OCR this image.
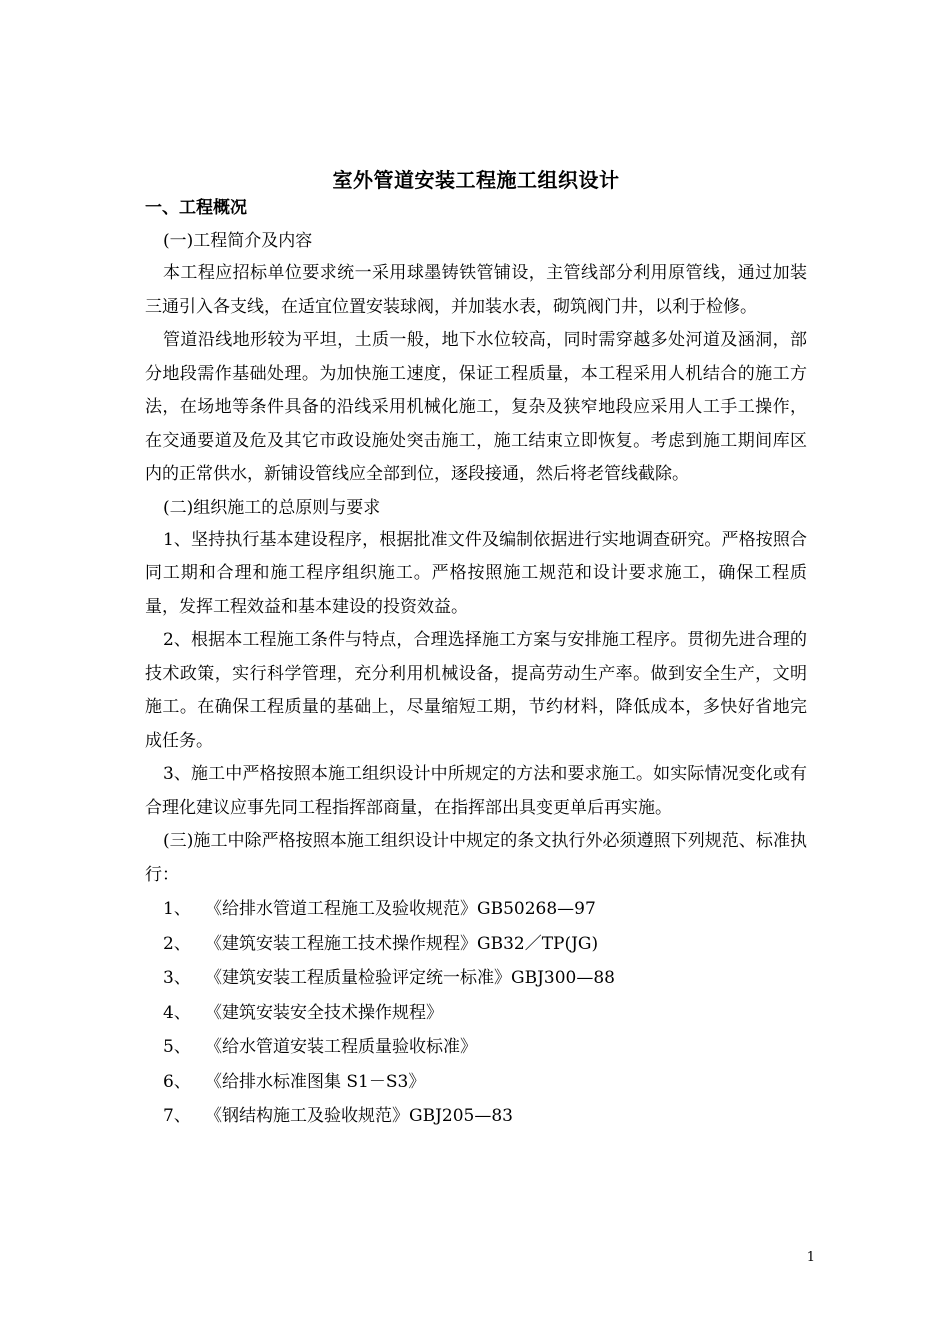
室外管道安装工程施工组织设计
一、工程概况

(一)工程简介及内容

本工程应招标单位要求统一采用球墨铸铁管铺设，主管线部分利用原管线，通过加装三通引入各支线，在适宜位置安装球阀，并加装水表，砌筑阀门井，以利于检修。

管道沿线地形较为平坦，土质一般，地下水位较高，同时需穿越多处河道及涵洞，部分地段需作基础处理。为加快施工速度，保证工程质量，本工程采用人机结合的施工方法，在场地等条件具备的沿线采用机械化施工，复杂及狭窄地段应采用人工手工操作，在交通要道及危及其它市政设施处突击施工，施工结束立即恢复。考虑到施工期间库区内的正常供水，新铺设管线应全部到位，逐段接通，然后将老管线截除。

(二)组织施工的总原则与要求

1、坚持执行基本建设程序，根据批准文件及编制依据进行实地调查研究。严格按照合同工期和合理和施工程序组织施工。严格按照施工规范和设计要求施工，确保工程质量，发挥工程效益和基本建设的投资效益。

2、根据本工程施工条件与特点，合理选择施工方案与安排施工程序。贯彻先进合理的技术政策，实行科学管理，充分利用机械设备，提高劳动生产率。做到安全生产，文明施工。在确保工程质量的基础上，尽量缩短工期，节约材料，降低成本，多快好省地完成任务。

3、施工中严格按照本施工组织设计中所规定的方法和要求施工。如实际情况变化或有合理化建议应事先同工程指挥部商量，在指挥部出具变更单后再实施。

(三)施工中除严格按照本施工组织设计中规定的条文执行外必须遵照下列规范、标准执行：

1、 《给排水管道工程施工及验收规范》GB50268—97
2、 《建筑安装工程施工技术操作规程》GB32／TP(JG)
3、 《建筑安装工程质量检验评定统一标准》GBJ300—88
4、 《建筑安装安全技术操作规程》
5、 《给水管道安装工程质量验收标准》
6、 《给排水标准图集 S1－S3》
7、 《钢结构施工及验收规范》GBJ205—83
1
